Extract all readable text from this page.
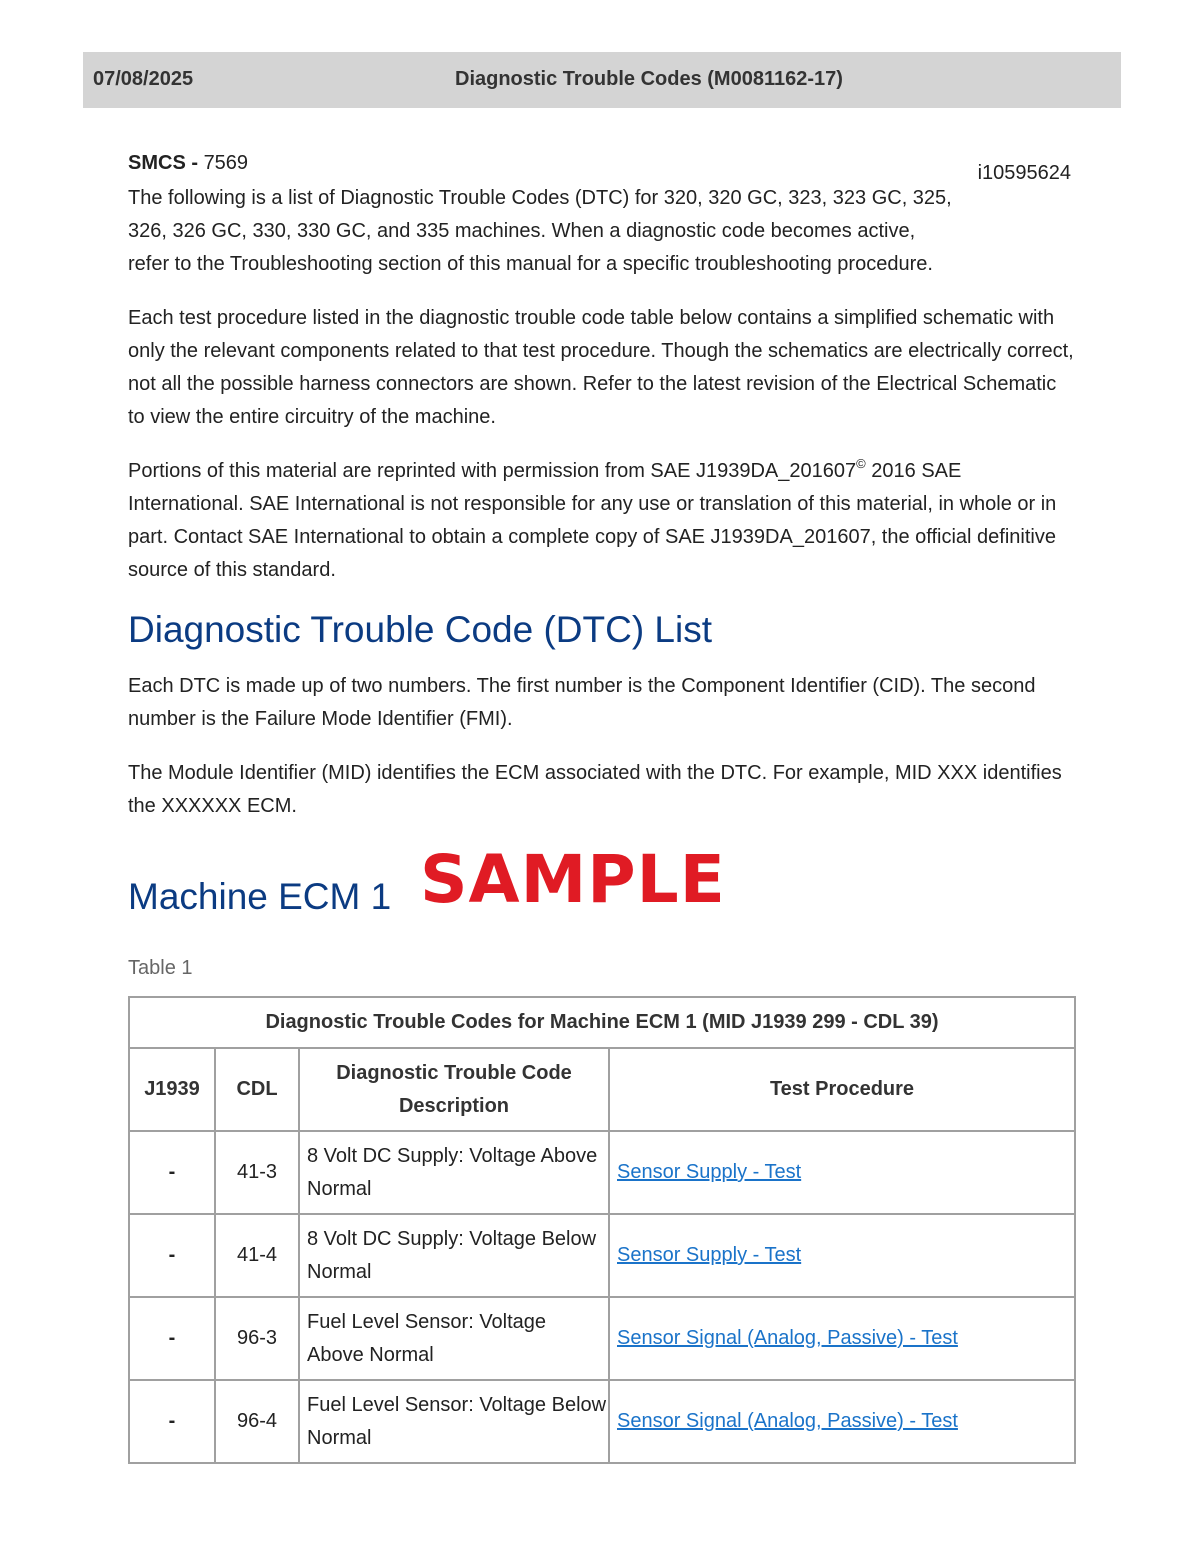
07/08/2025	Diagnostic Trouble Codes (M0081162-17)
SMCS - 7569	i10595624

The following is a list of Diagnostic Trouble Codes (DTC) for 320, 320 GC, 323, 323 GC, 325, 326, 326 GC, 330, 330 GC, and 335 machines. When a diagnostic code becomes active, refer to the Troubleshooting section of this manual for a specific troubleshooting procedure.

Each test procedure listed in the diagnostic trouble code table below contains a simplified schematic with only the relevant components related to that test procedure. Though the schematics are electrically correct, not all the possible harness connectors are shown. Refer to the latest revision of the Electrical Schematic to view the entire circuitry of the machine.

Portions of this material are reprinted with permission from SAE J1939DA_201607© 2016 SAE International. SAE International is not responsible for any use or translation of this material, in whole or in part. Contact SAE International to obtain a complete copy of SAE J1939DA_201607, the official definitive source of this standard.

Diagnostic Trouble Code (DTC) List

Each DTC is made up of two numbers. The first number is the Component Identifier (CID). The second number is the Failure Mode Identifier (FMI).

The Module Identifier (MID) identifies the ECM associated with the DTC. For example, MID XXX identifies the XXXXXX ECM.

Machine ECM 1 SAMPLE
Table 1
Diagnostic Trouble Codes for Machine ECM 1 (MID J1939 299 - CDL 39)			
J1939	CDL	Diagnostic Trouble Code Description	Test Procedure
-	41-3	8 Volt DC Supply: Voltage Above Normal	Sensor Supply - Test
-	41-4	8 Volt DC Supply: Voltage Below Normal	Sensor Supply - Test
-	96-3	Fuel Level Sensor: Voltage Above Normal	Sensor Signal (Analog, Passive) - Test
-	96-4	Fuel Level Sensor: Voltage Below Normal	Sensor Signal (Analog, Passive) - Test
